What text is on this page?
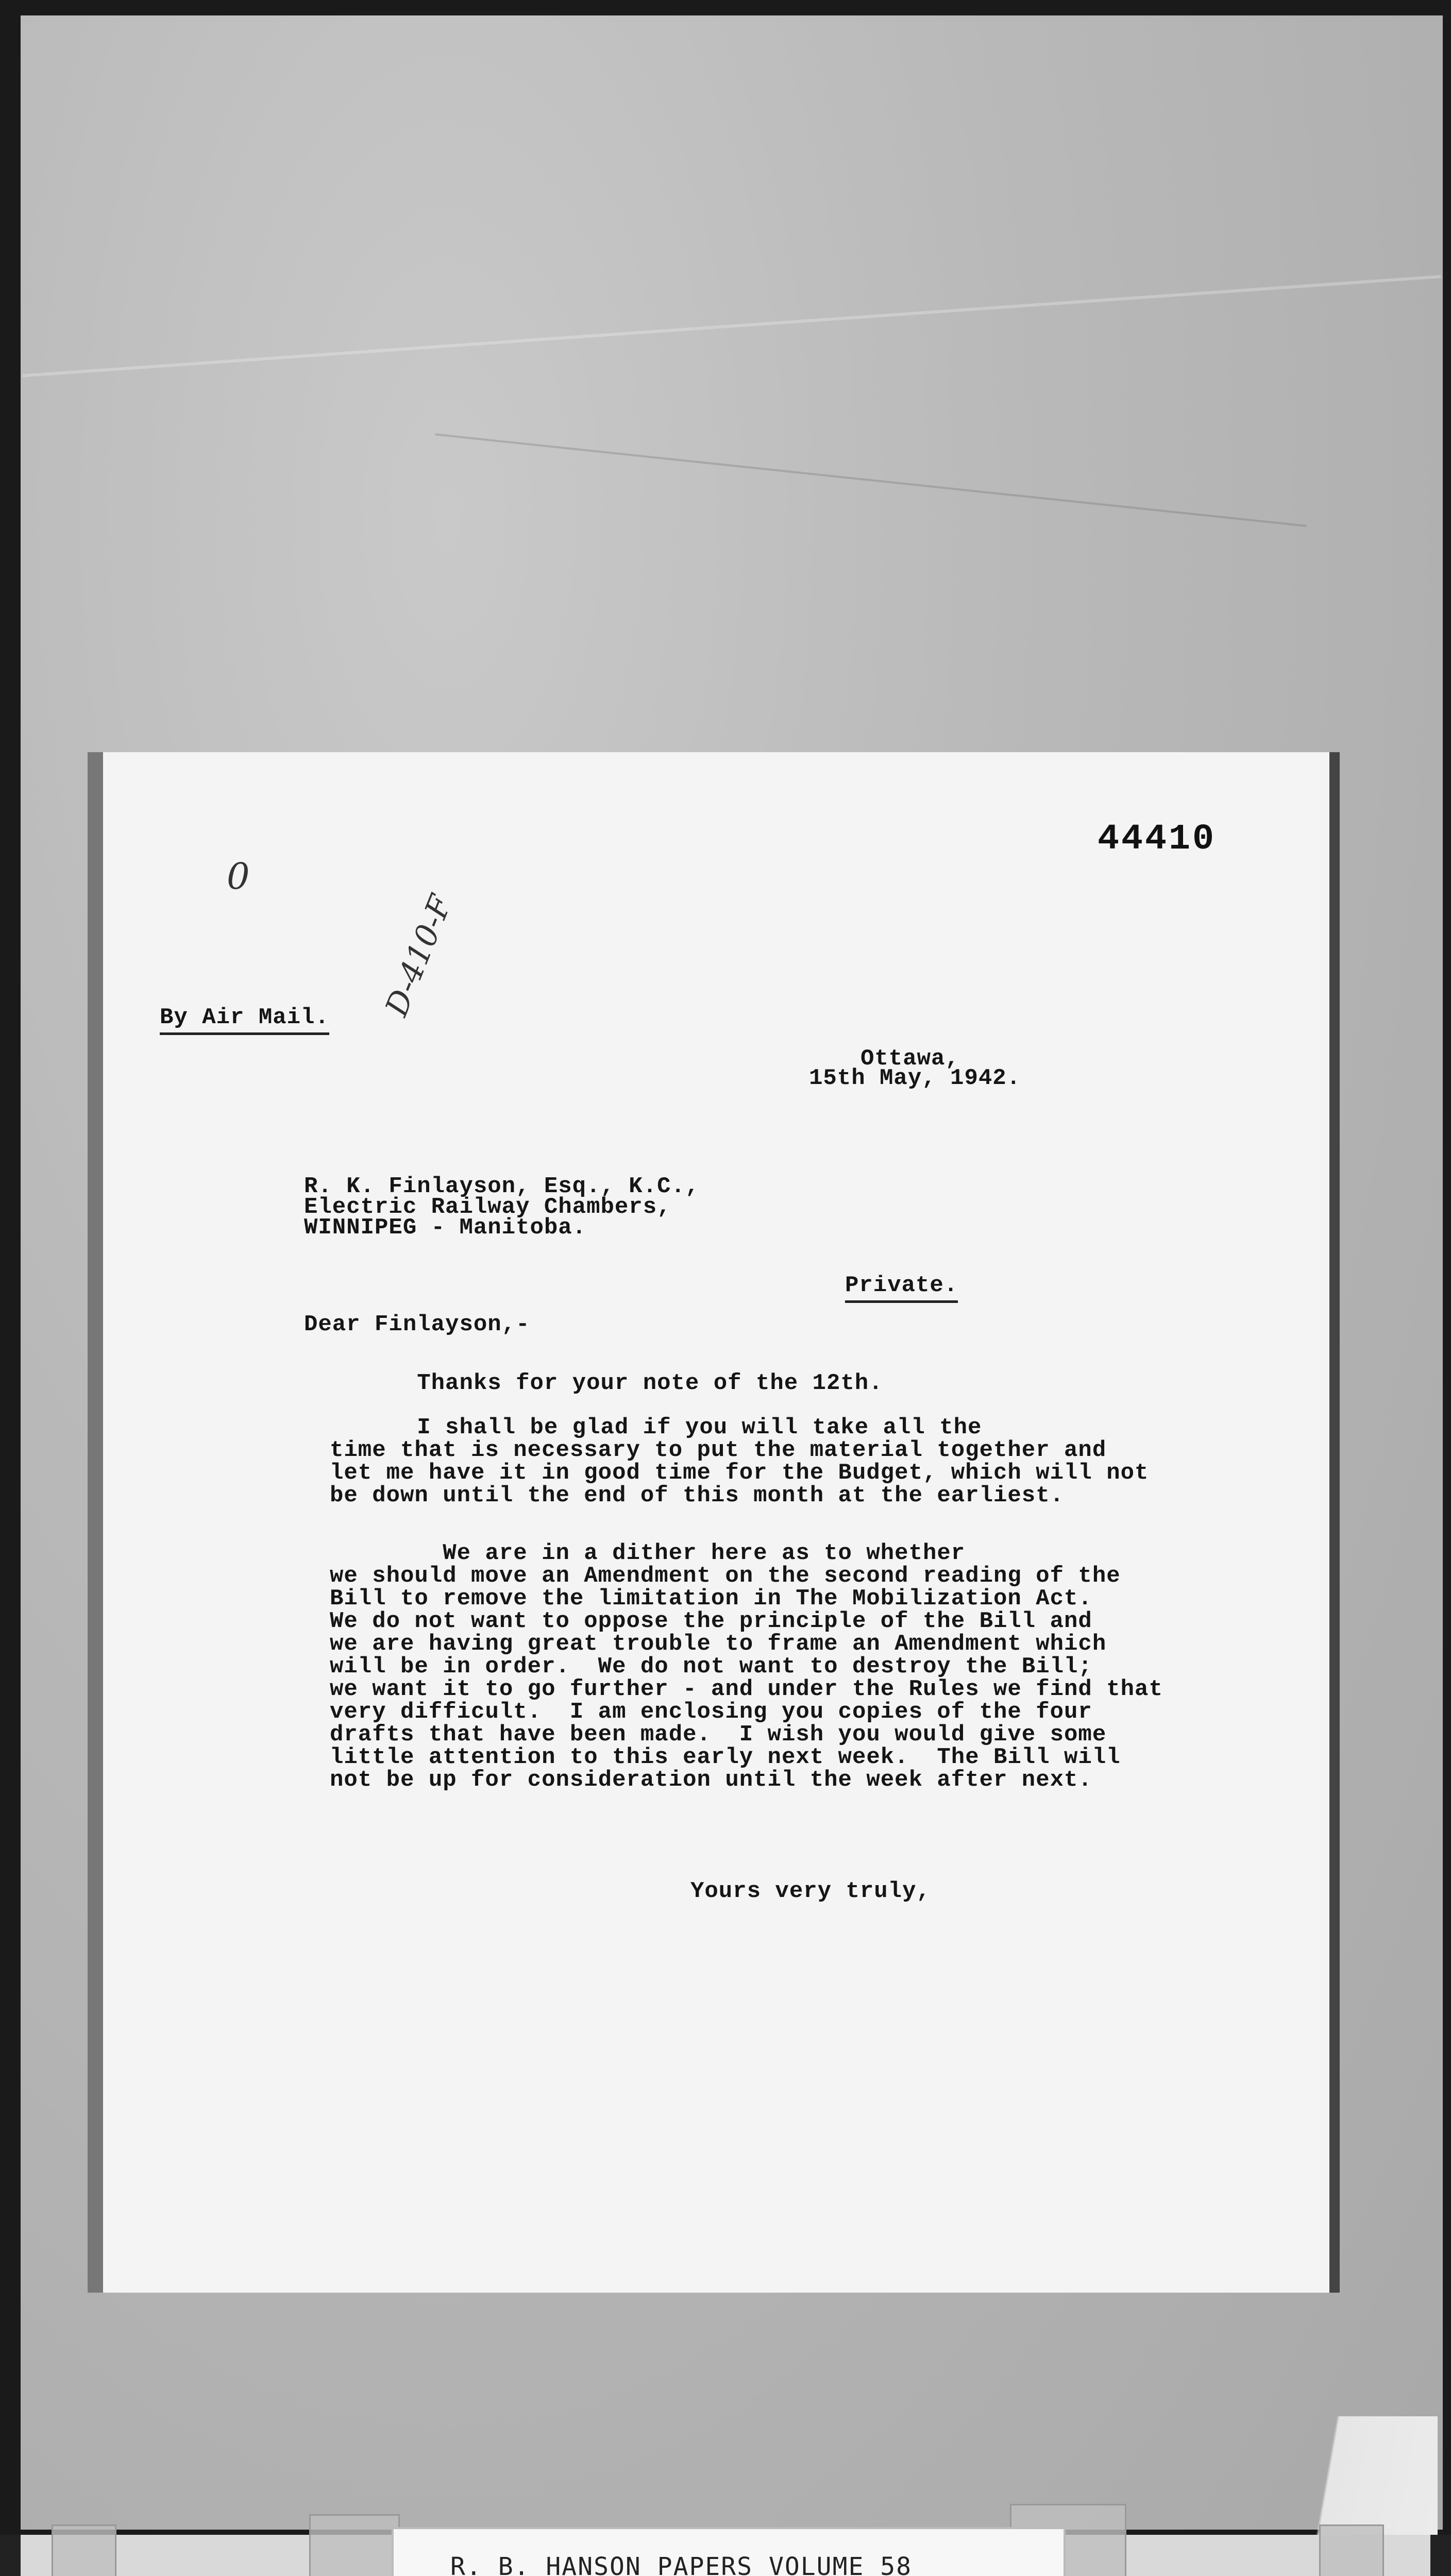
44410
0
D-410-F
By Air Mail.
Ottawa,
15th May, 1942.
R. K. Finlayson, Esq., K.C.,
Electric Railway Chambers,
WINNIPEG - Manitoba.
Private.
Dear Finlayson,-
Thanks for your note of the 12th.
I shall be glad if you will take all the
time that is necessary to put the material together and
let me have it in good time for the Budget, which will not
be down until the end of this month at the earliest.
We are in a dither here as to whether
we should move an Amendment on the second reading of the
Bill to remove the limitation in The Mobilization Act.
We do not want to oppose the principle of the Bill and
we are having great trouble to frame an Amendment which
will be in order.  We do not want to destroy the Bill;
we want it to go further - and under the Rules we find that
very difficult.  I am enclosing you copies of the four
drafts that have been made.  I wish you would give some
little attention to this early next week.  The Bill will
not be up for consideration until the week after next.
Yours very truly,
R. B. HANSON PAPERS VOLUME 58
